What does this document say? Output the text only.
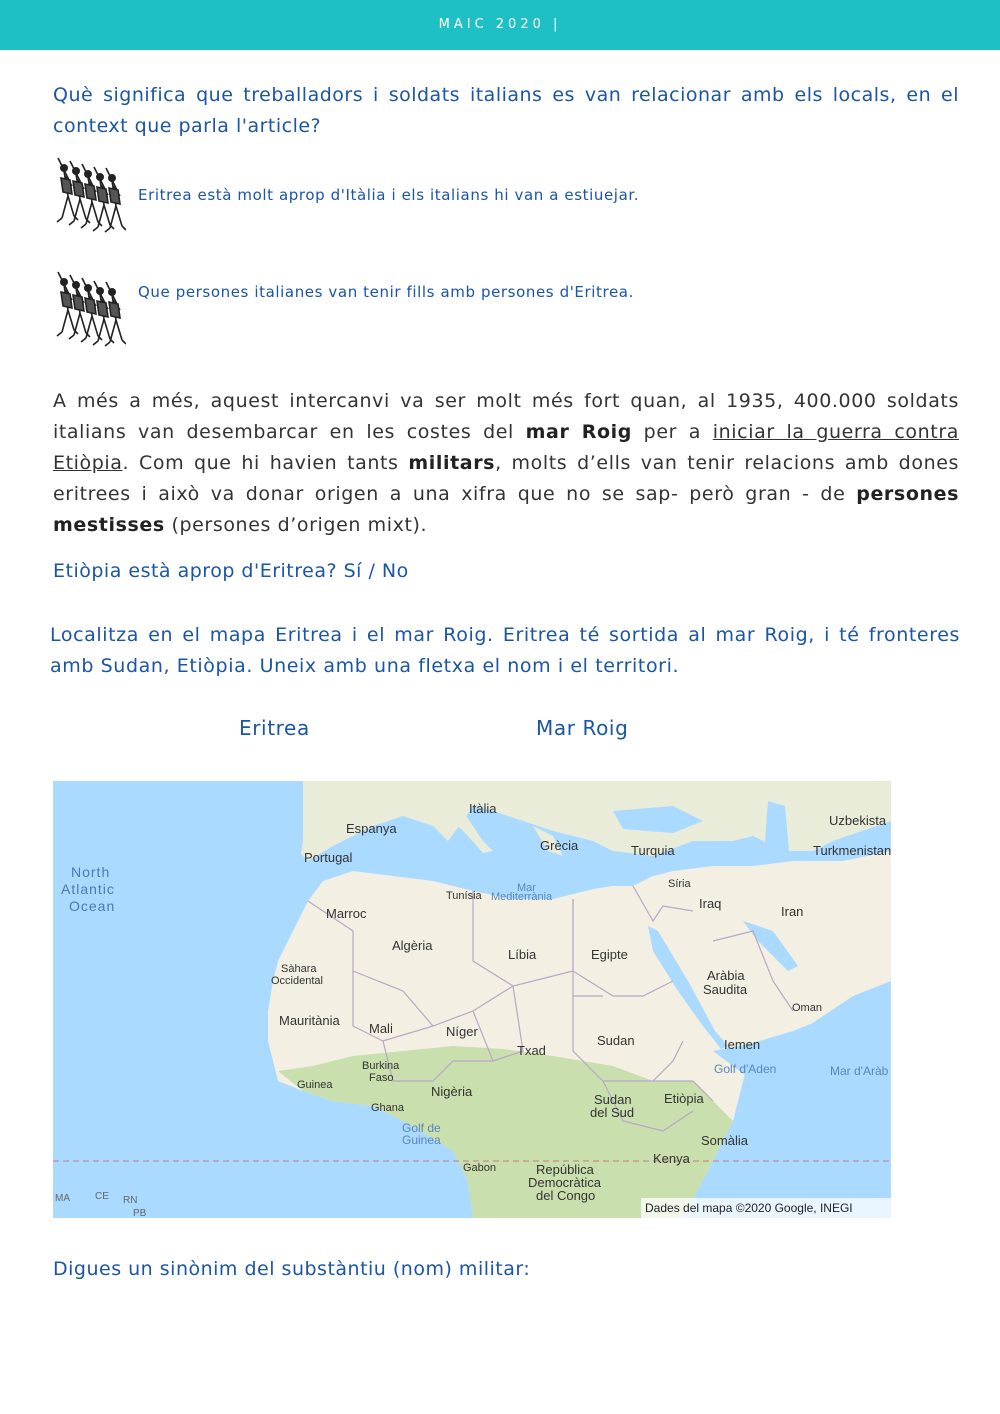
MAIC 2020 |
Què significa que treballadors i soldats italians es van relacionar amb els locals, en el context que parla l'article?
Eritrea està molt aprop d'Itàlia i els italians hi van a estiuejar.
Que persones italianes van tenir fills amb persones d'Eritrea.
A més a més, aquest intercanvi va ser molt més fort quan, al 1935, 400.000 soldats italians van desembarcar en les costes del mar Roig per a iniciar la guerra contra Etiòpia. Com que hi havien tants militars, molts d’ells van tenir relacions amb dones eritrees i això va donar origen a una xifra que no se sap- però gran - de persones mestisses (persones d’origen mixt).
Etiòpia està aprop d'Eritrea? Sí / No
Localitza en el mapa Eritrea i el mar Roig. Eritrea té sortida al mar Roig, i té fronteres amb Sudan, Etiòpia. Uneix amb una fletxa el nom i el territori.
Eritrea	Mar Roig
North
Atlantic
Ocean
Mar
Mediterrània
Golf d'Aden	Mar d'Aràb
Golf de
Guinea
Itàlia
Espanya
Portugal
Grècia	Turquia
Uzbekista
Turkmenistan
Síria
Iraq
Iran
Tunísia
Marroc
Algèria
Líbia	Egipte
Aràbia
Saudita
Sàhara
Occidental
Oman
Mauritània
Mali	Níger
Txad
Sudan	Iemen
Burkina
Faso
Guinea	Nigèria
Ghana
Sudan
del Sud
Etiòpia
Somàlia
Kenya
Gabon	República
Democràtica
del Congo
MA	CE RN
PB	Dades del mapa ©2020 Google, INEGI
Digues un sinònim del substàntiu (nom) militar:
